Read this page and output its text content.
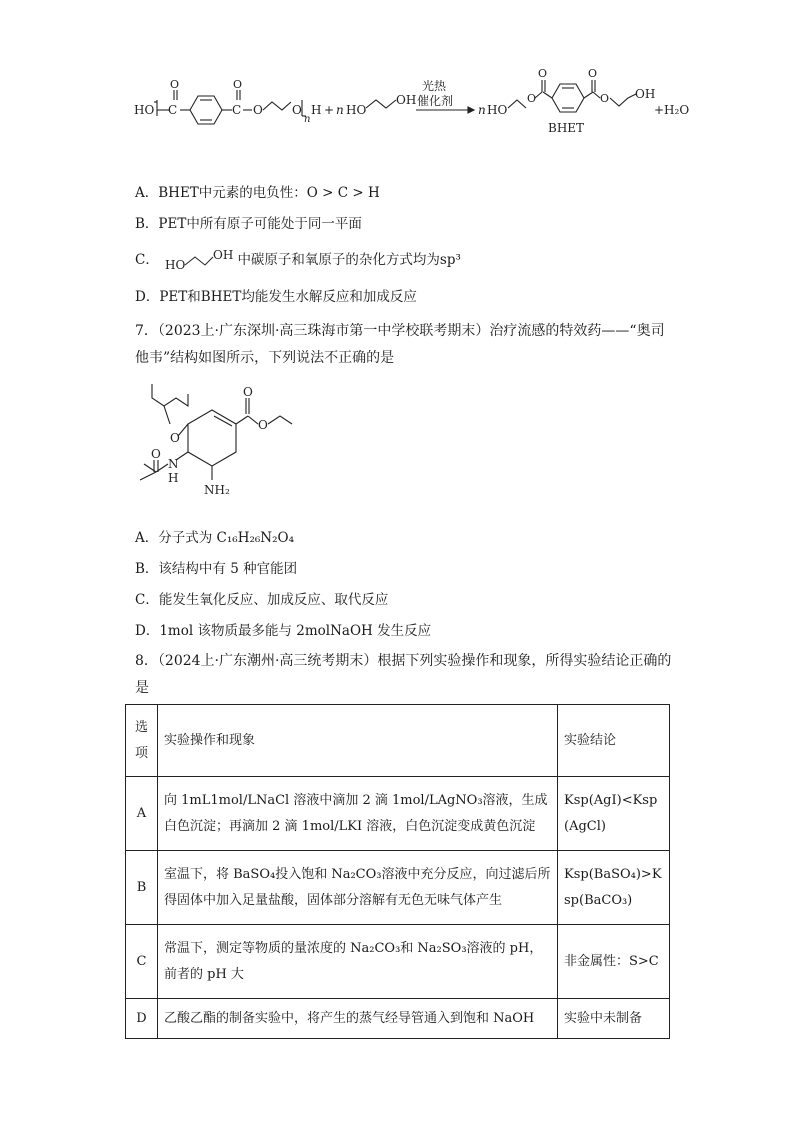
HO C
O
C
O
O O
n
H + n HO
OH
n HO
O
O	O
O OH
光热
催化剂
BHET
+H₂O
A．BHET中元素的电负性：O > C > H
B．PET中所有原子可能处于同一平面
C． HO
OH 中碳原子和氧原子的杂化方式均为sp³
D．PET和BHET均能发生水解反应和加成反应
7．（2023上·广东深圳·高三珠海市第一中学校联考期末）治疗流感的特效药——“奥司他韦”结构如图所示，下列说法不正确的是
O
O
O
O
N
H
NH₂
A．分子式为 C₁₆H₂₆N₂O₄
B．该结构中有 5 种官能团
C．能发生氧化反应、加成反应、取代反应
D．1mol 该物质最多能与 2molNaOH 发生反应
8．（2024上·广东潮州·高三统考期末）根据下列实验操作和现象，所得实验结论正确的是
选项	实验操作和现象	实验结论
A	向 1mL1mol/LNaCl 溶液中滴加 2 滴 1mol/LAgNO₃溶液，生成白色沉淀；再滴加 2 滴 1mol/LKI 溶液，白色沉淀变成黄色沉淀	Ksp(AgI)<Ksp(AgCl)
B	室温下，将 BaSO₄投入饱和 Na₂CO₃溶液中充分反应，向过滤后所得固体中加入足量盐酸，固体部分溶解有无色无味气体产生	Ksp(BaSO₄)>Ksp(BaCO₃)
C	常温下，测定等物质的量浓度的 Na₂CO₃和 Na₂SO₃溶液的 pH，前者的 pH 大	非金属性：S>C
D	乙酸乙酯的制备实验中，将产生的蒸气经导管通入到饱和 NaOH	实验中未制备
